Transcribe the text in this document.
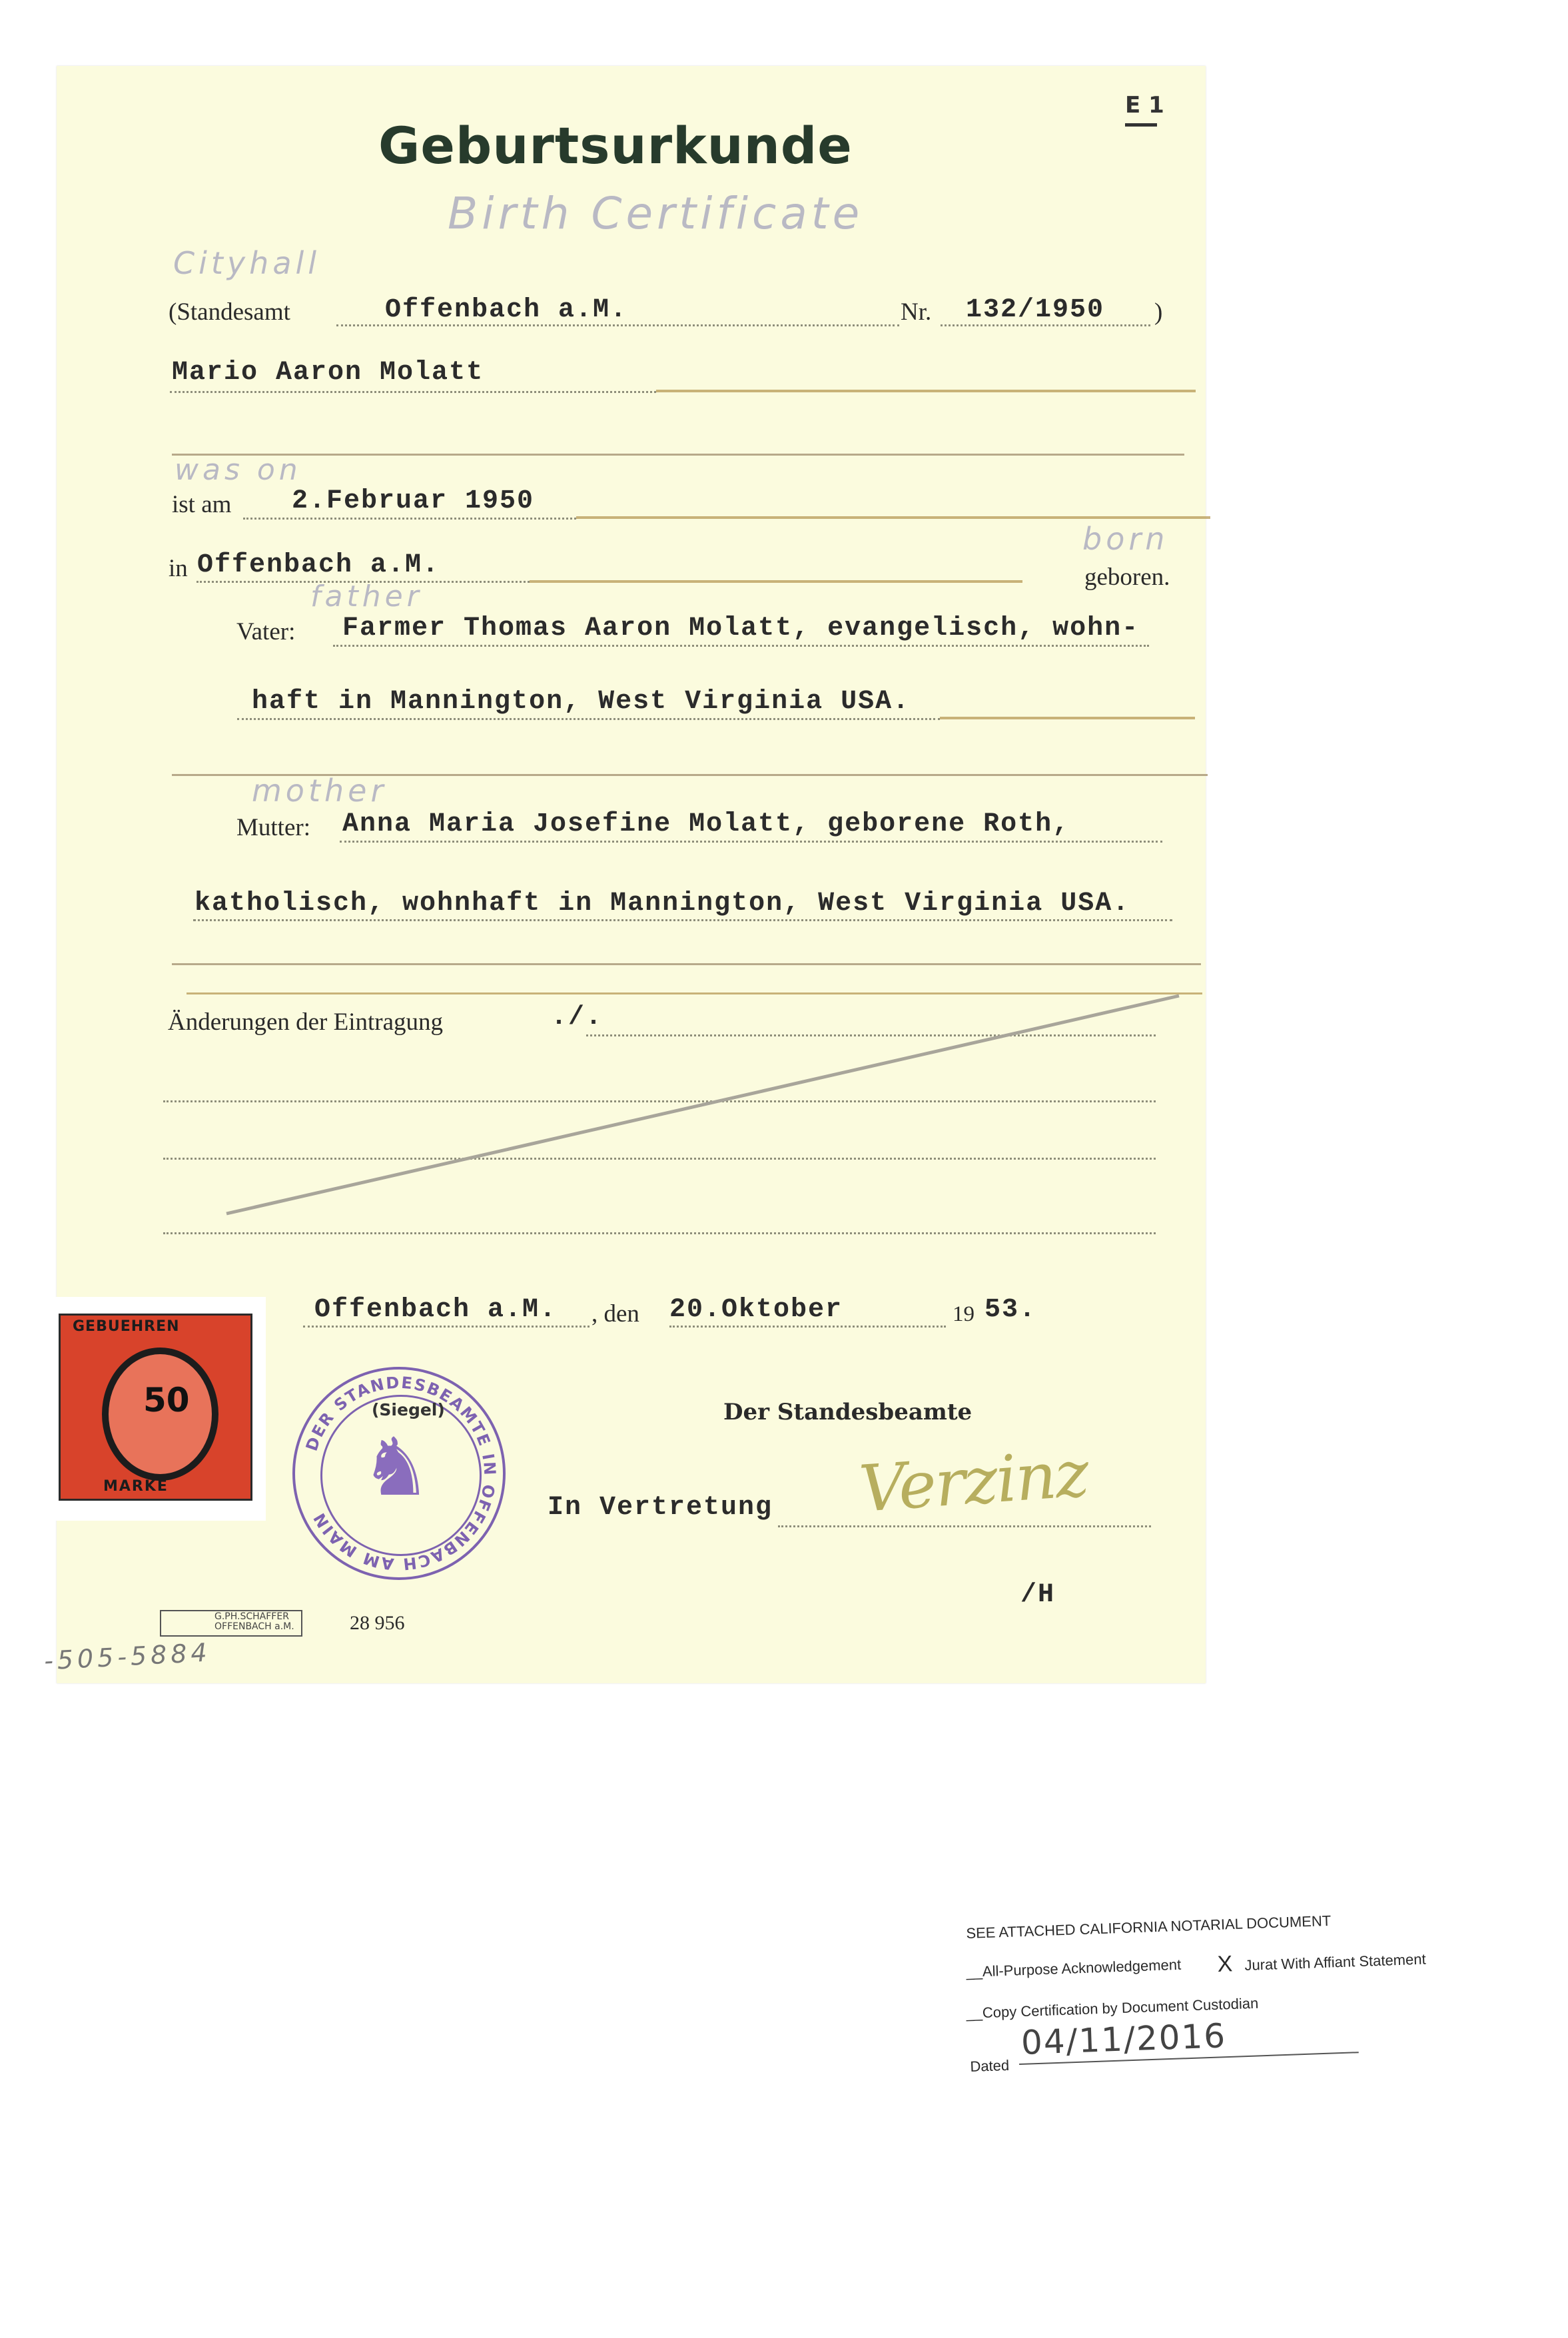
E 1
Geburtsurkunde
Birth Certificate
Cityhall
(Standesamt	Offenbach a.M.	Nr. 132/1950 )
Mario Aaron Molatt
was on
ist am 2.Februar 1950
in Offenbach a.M.	geboren.
born
father
Vater: Farmer Thomas Aaron Molatt, evangelisch, wohn-
haft in Mannington, West Virginia USA.
mother
Mutter: Anna Maria Josefine Molatt, geborene Roth,
katholisch, wohnhaft in Mannington, West Virginia USA.
Änderungen der Eintragung	./.
Offenbach a.M. , den 20.Oktober	19 53.
Der Standesbeamte
In Vertretung Verzinz
/H
GEBUEHREN
50
MARKE ♞
DER STANDESBEAMTE IN OFFENBACH AM MAIN
(Siegel)
G.PH.SCHAFFER OFFENBACH a.M.	28 956
-505-5884
SEE ATTACHED CALIFORNIA NOTARIAL DOCUMENT
__All-Purpose Acknowledgement X Jurat With Affiant Statement
__Copy Certification by Document Custodian
Dated
04/11/2016
